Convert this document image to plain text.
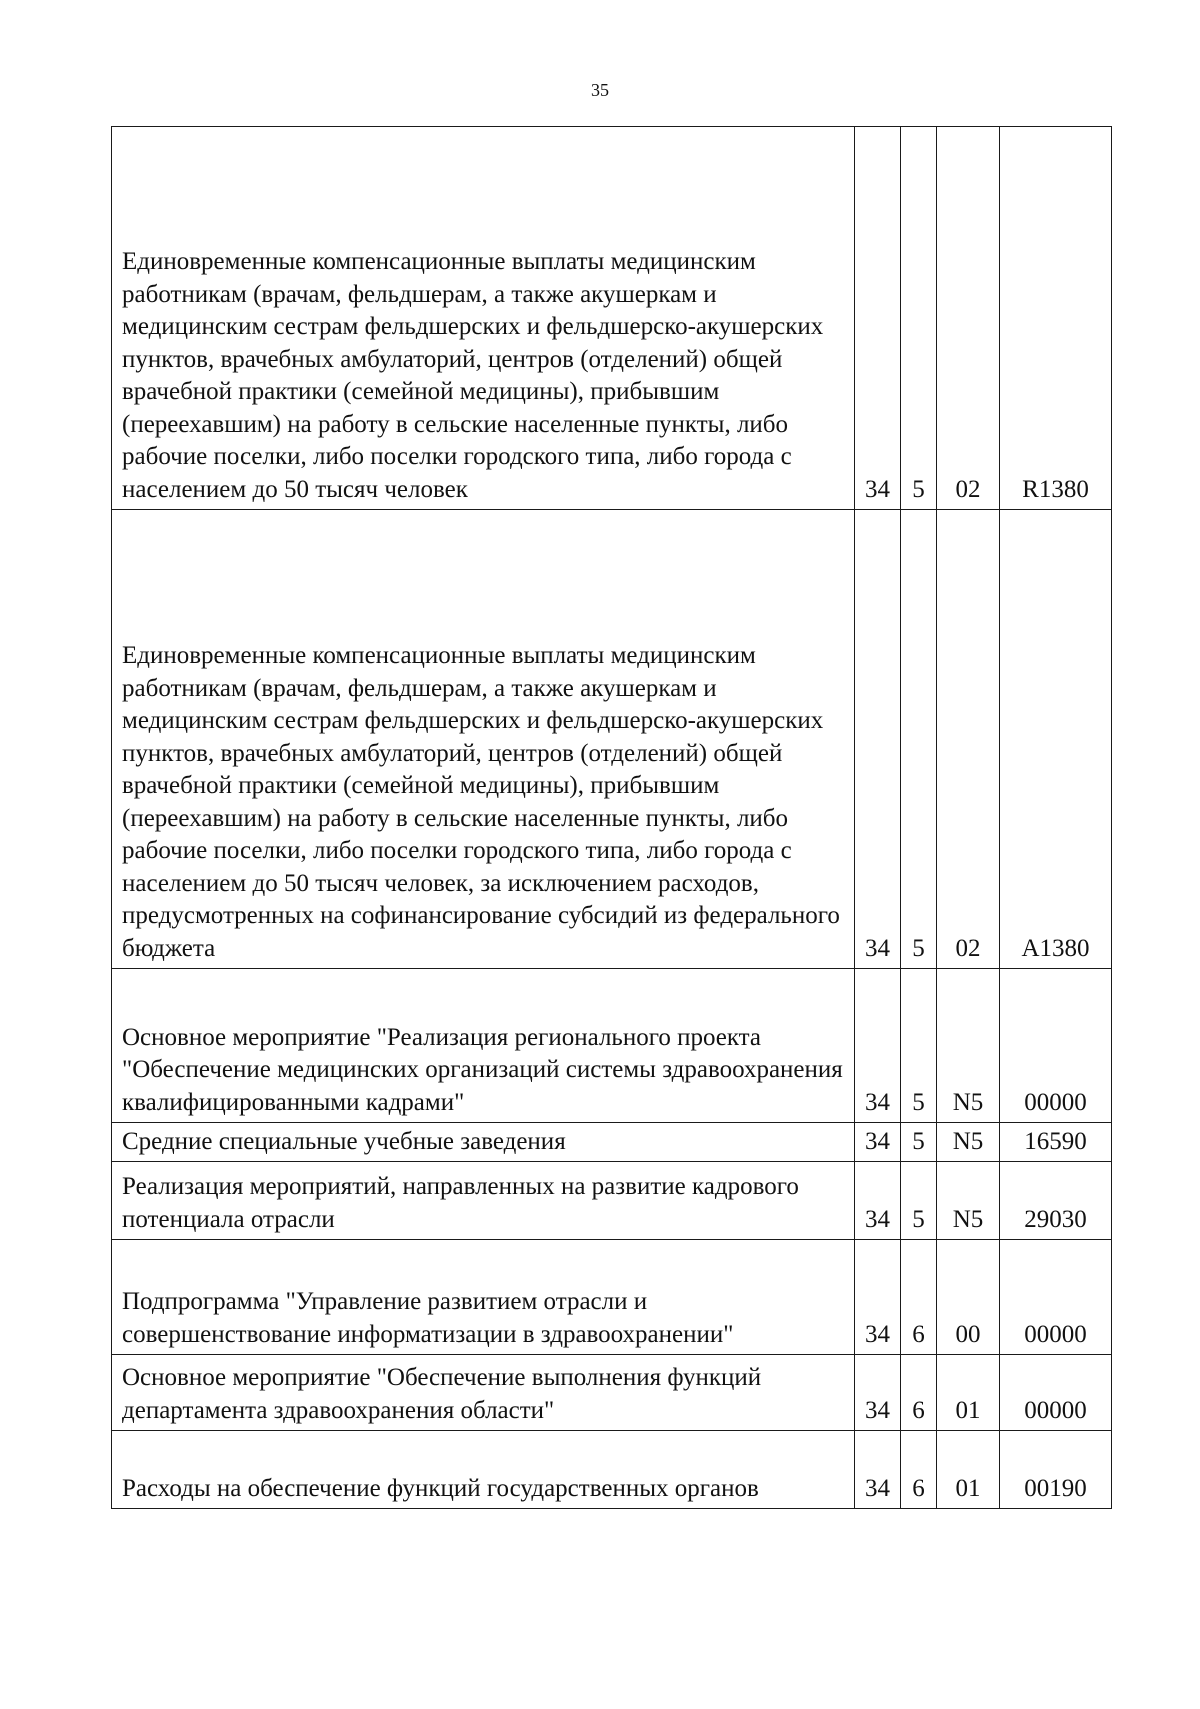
35
Единовременные компенсационные выплаты медицинским работникам (врачам, фельдшерам, а также акушеркам и медицинским сестрам фельдшерских и фельдшерско-акушерских пунктов, врачебных амбулаторий, центров (отделений) общей врачебной практики (семейной медицины), прибывшим (переехавшим) на работу в сельские населенные пункты, либо рабочие поселки, либо поселки городского типа, либо города с населением до 50 тысяч человек	34	5	02	R1380
Единовременные компенсационные выплаты медицинским работникам (врачам, фельдшерам, а также акушеркам и медицинским сестрам фельдшерских и фельдшерско-акушерских пунктов, врачебных амбулаторий, центров (отделений) общей врачебной практики (семейной медицины), прибывшим (переехавшим) на работу в сельские населенные пункты, либо рабочие поселки, либо поселки городского типа, либо города с населением до 50 тысяч человек, за исключением расходов, предусмотренных на софинансирование субсидий из федерального бюджета	34	5	02	A1380
Основное мероприятие "Реализация регионального проекта "Обеспечение медицинских организаций системы здравоохранения квалифицированными кадрами"	34	5	N5	00000
Средние специальные учебные заведения	34	5	N5	16590
Реализация мероприятий, направленных на развитие кадрового потенциала отрасли	34	5	N5	29030
Подпрограмма "Управление развитием отрасли и совершенствование информатизации в здравоохранении"	34	6	00	00000
Основное мероприятие "Обеспечение выполнения функций департамента здравоохранения области"	34	6	01	00000
Расходы на обеспечение функций государственных органов	34	6	01	00190
